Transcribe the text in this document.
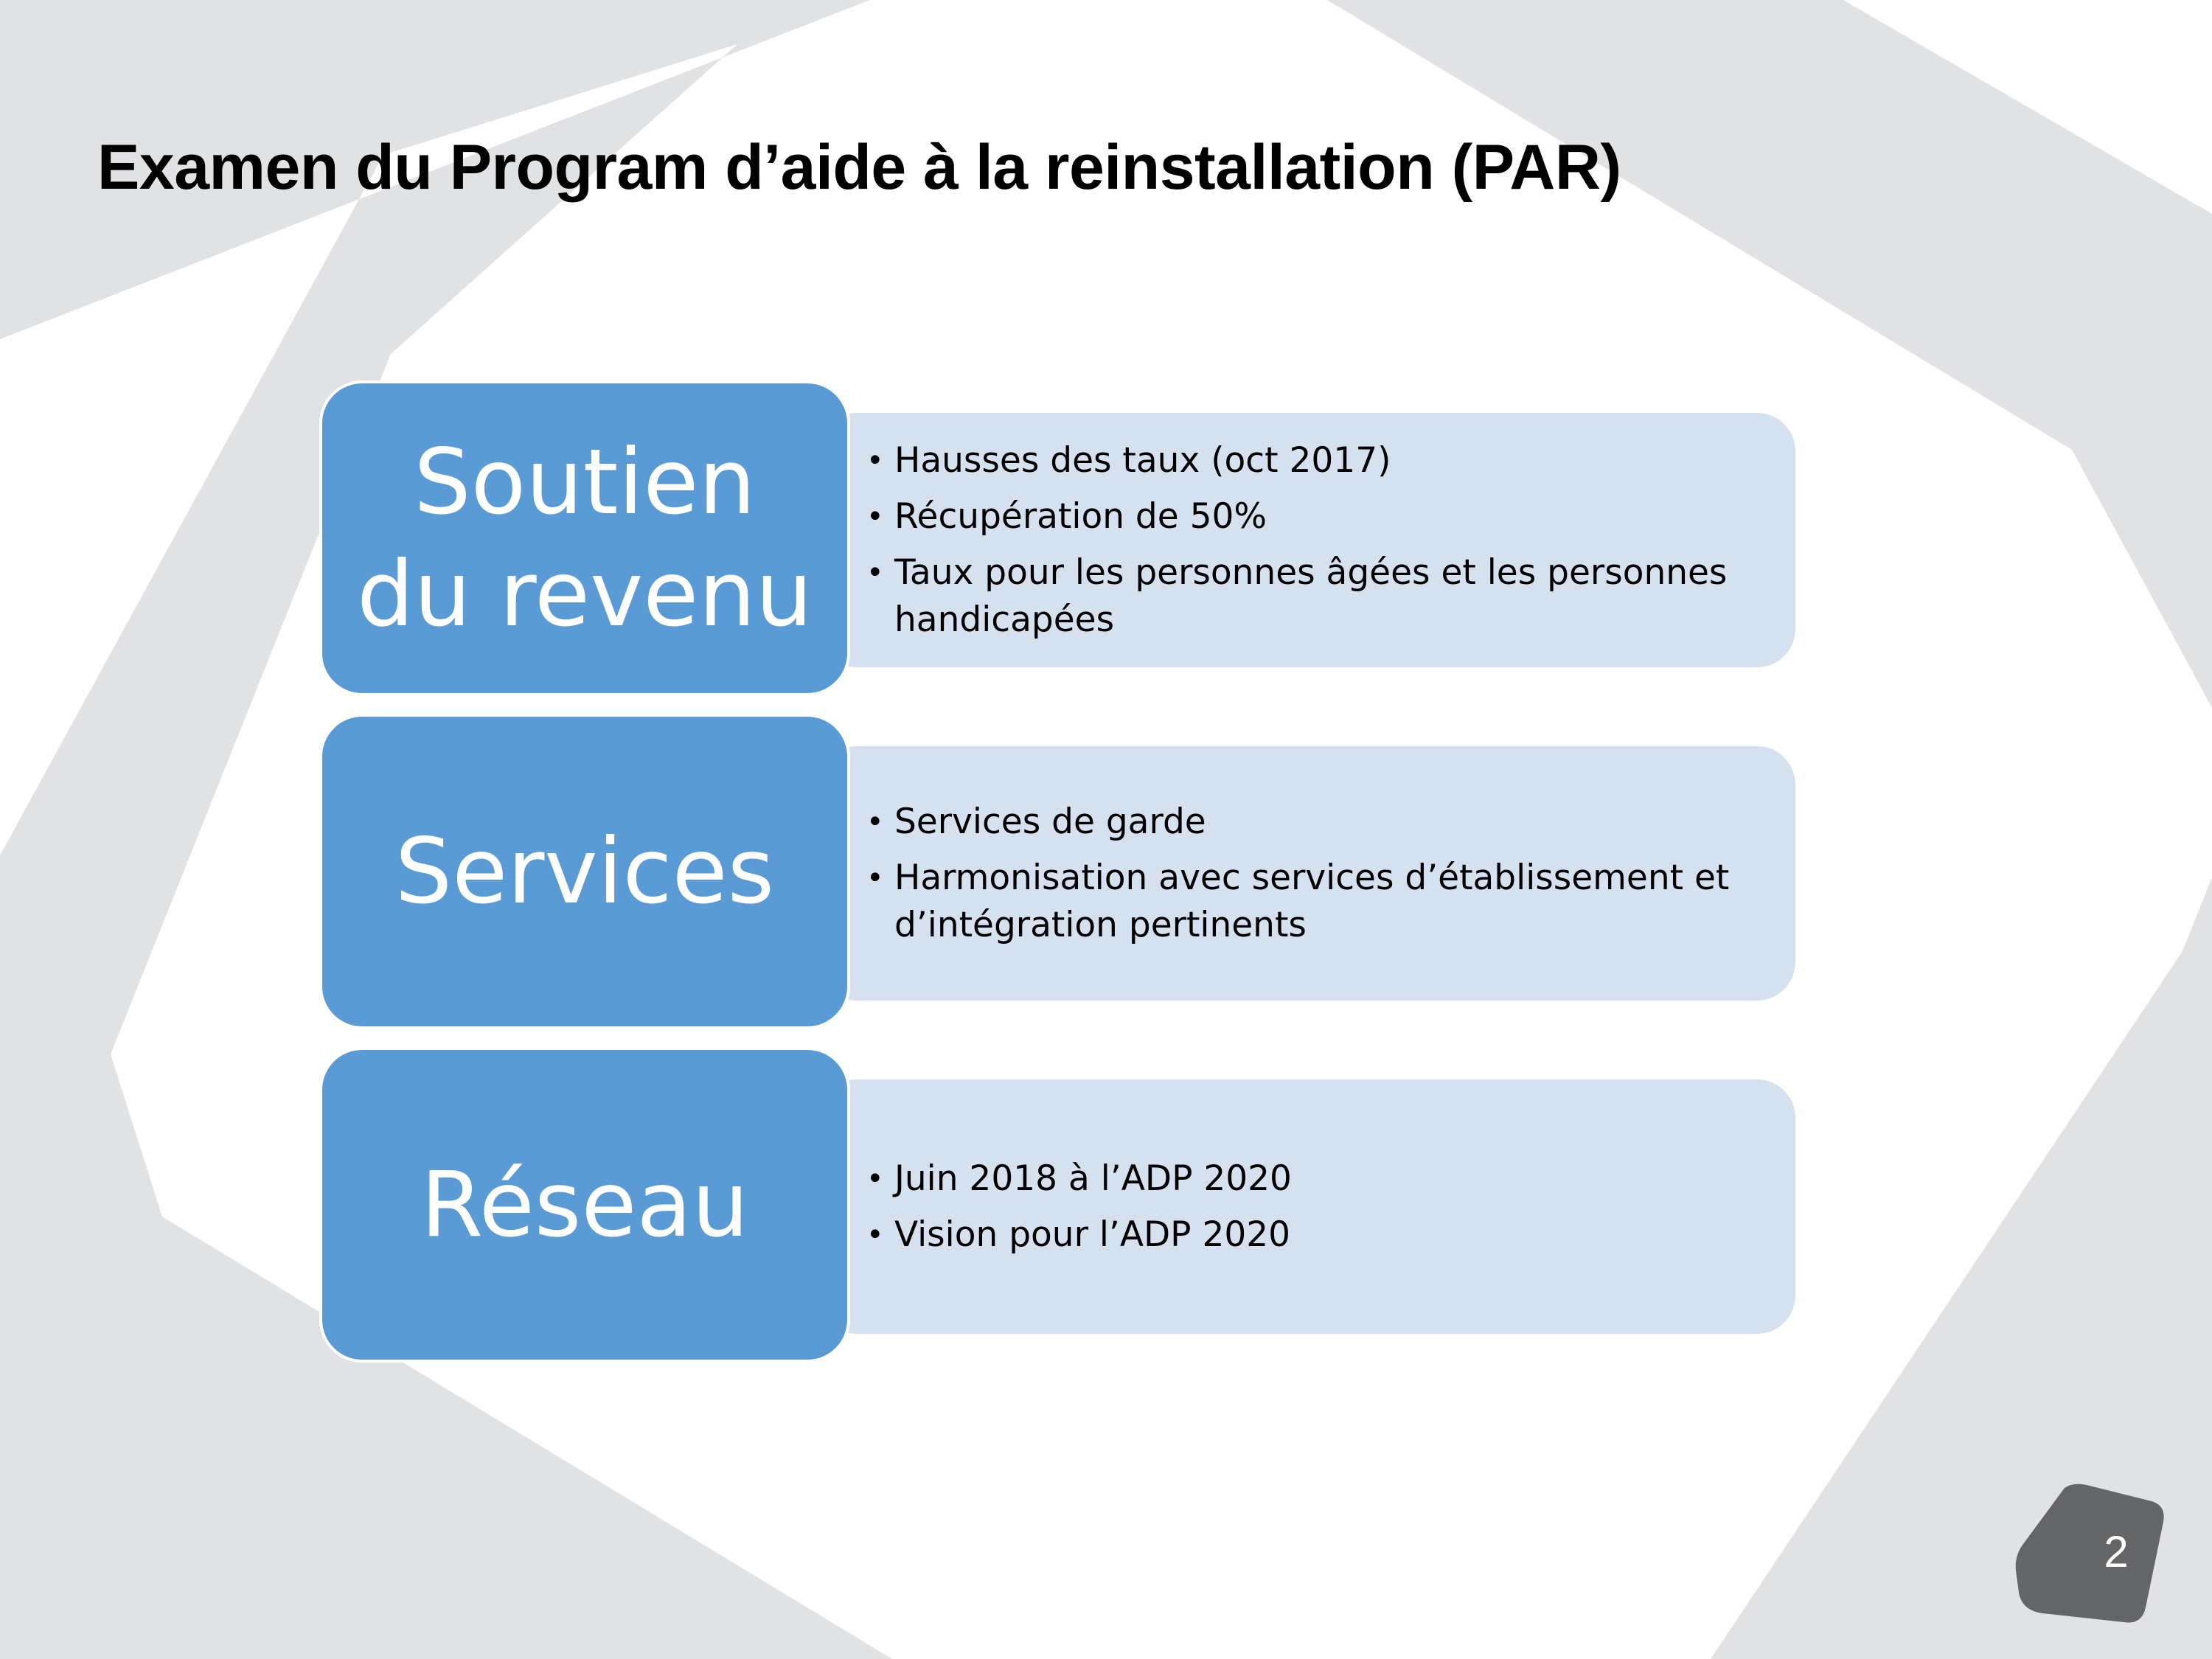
Examen du Program d’aide à la reinstallation (PAR)
• Hausses des taux (oct 2017)
• Récupération de 50%
• Taux pour les personnes âgées et les personnes handicapées
Soutien
du revenu
• Services de garde
• Harmonisation avec services d’établissement et d’intégration pertinents
Services
• Juin 2018 à l’ADP 2020
• Vision pour l’ADP 2020
Réseau
2
